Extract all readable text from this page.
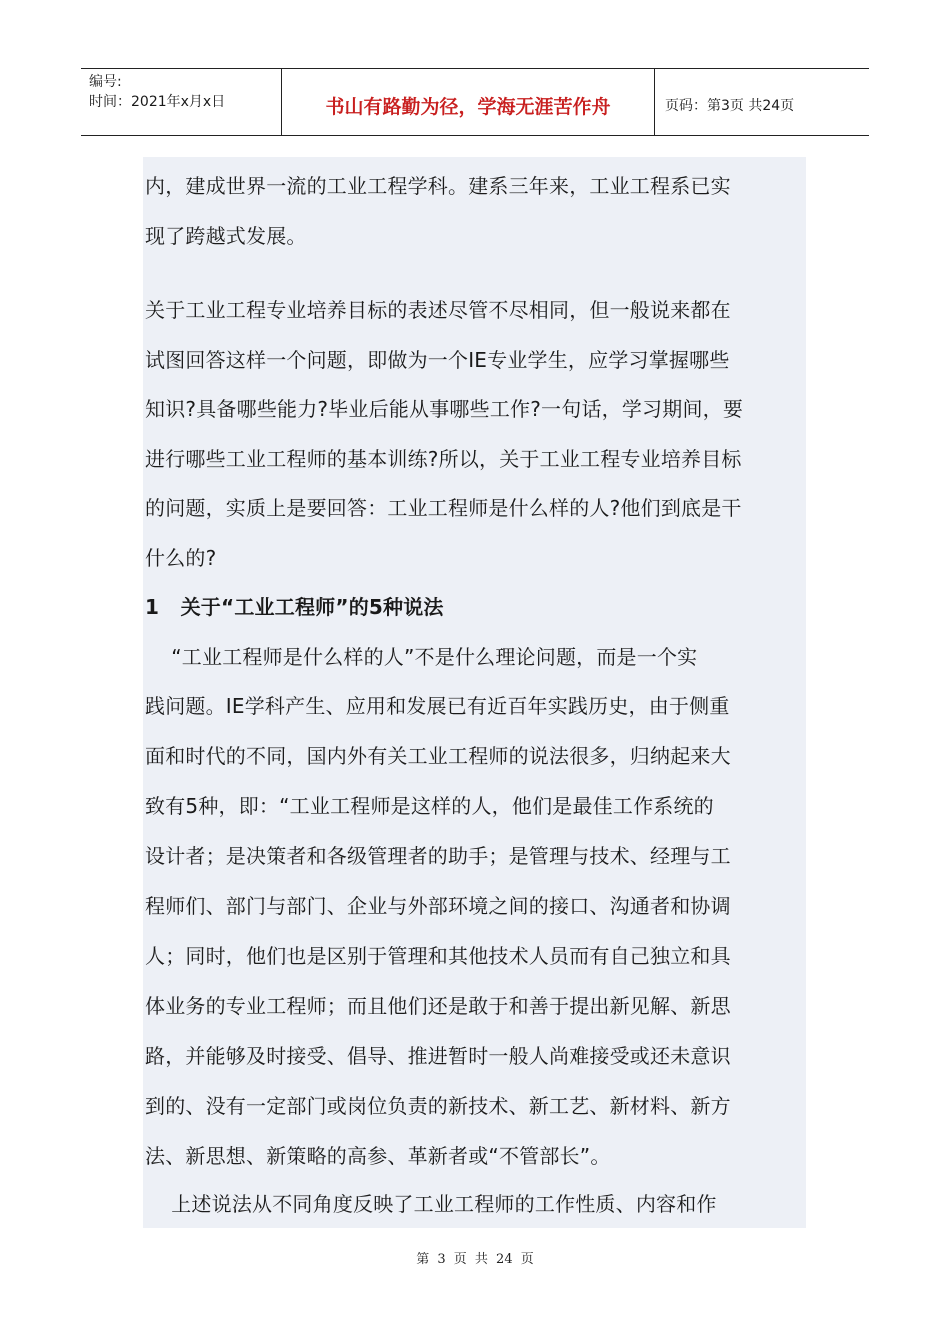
编号:
时间：2021年x月x日	书山有路勤为径，学海无涯苦作舟	页码：第3页 共24页
内，建成世界一流的工业工程学科。建系三年来，工业工程系已实
现了跨越式发展。
关于工业工程专业培养目标的表述尽管不尽相同，但一般说来都在
试图回答这样一个问题，即做为一个IE专业学生，应学习掌握哪些
知识?具备哪些能力?毕业后能从事哪些工作?一句话，学习期间，要
进行哪些工业工程师的基本训练?所以，关于工业工程专业培养目标
的问题，实质上是要回答：工业工程师是什么样的人?他们到底是干
什么的?
1   关于“工业工程师”的5种说法
“工业工程师是什么样的人”不是什么理论问题，而是一个实
践问题。IE学科产生、应用和发展已有近百年实践历史，由于侧重
面和时代的不同，国内外有关工业工程师的说法很多，归纳起来大
致有5种，即：“工业工程师是这样的人，他们是最佳工作系统的
设计者；是决策者和各级管理者的助手；是管理与技术、经理与工
程师们、部门与部门、企业与外部环境之间的接口、沟通者和协调
人；同时，他们也是区别于管理和其他技术人员而有自己独立和具
体业务的专业工程师；而且他们还是敢于和善于提出新见解、新思
路，并能够及时接受、倡导、推进暂时一般人尚难接受或还未意识
到的、没有一定部门或岗位负责的新技术、新工艺、新材料、新方
法、新思想、新策略的高参、革新者或“不管部长”。
上述说法从不同角度反映了工业工程师的工作性质、内容和作
第 3 页 共 24 页
